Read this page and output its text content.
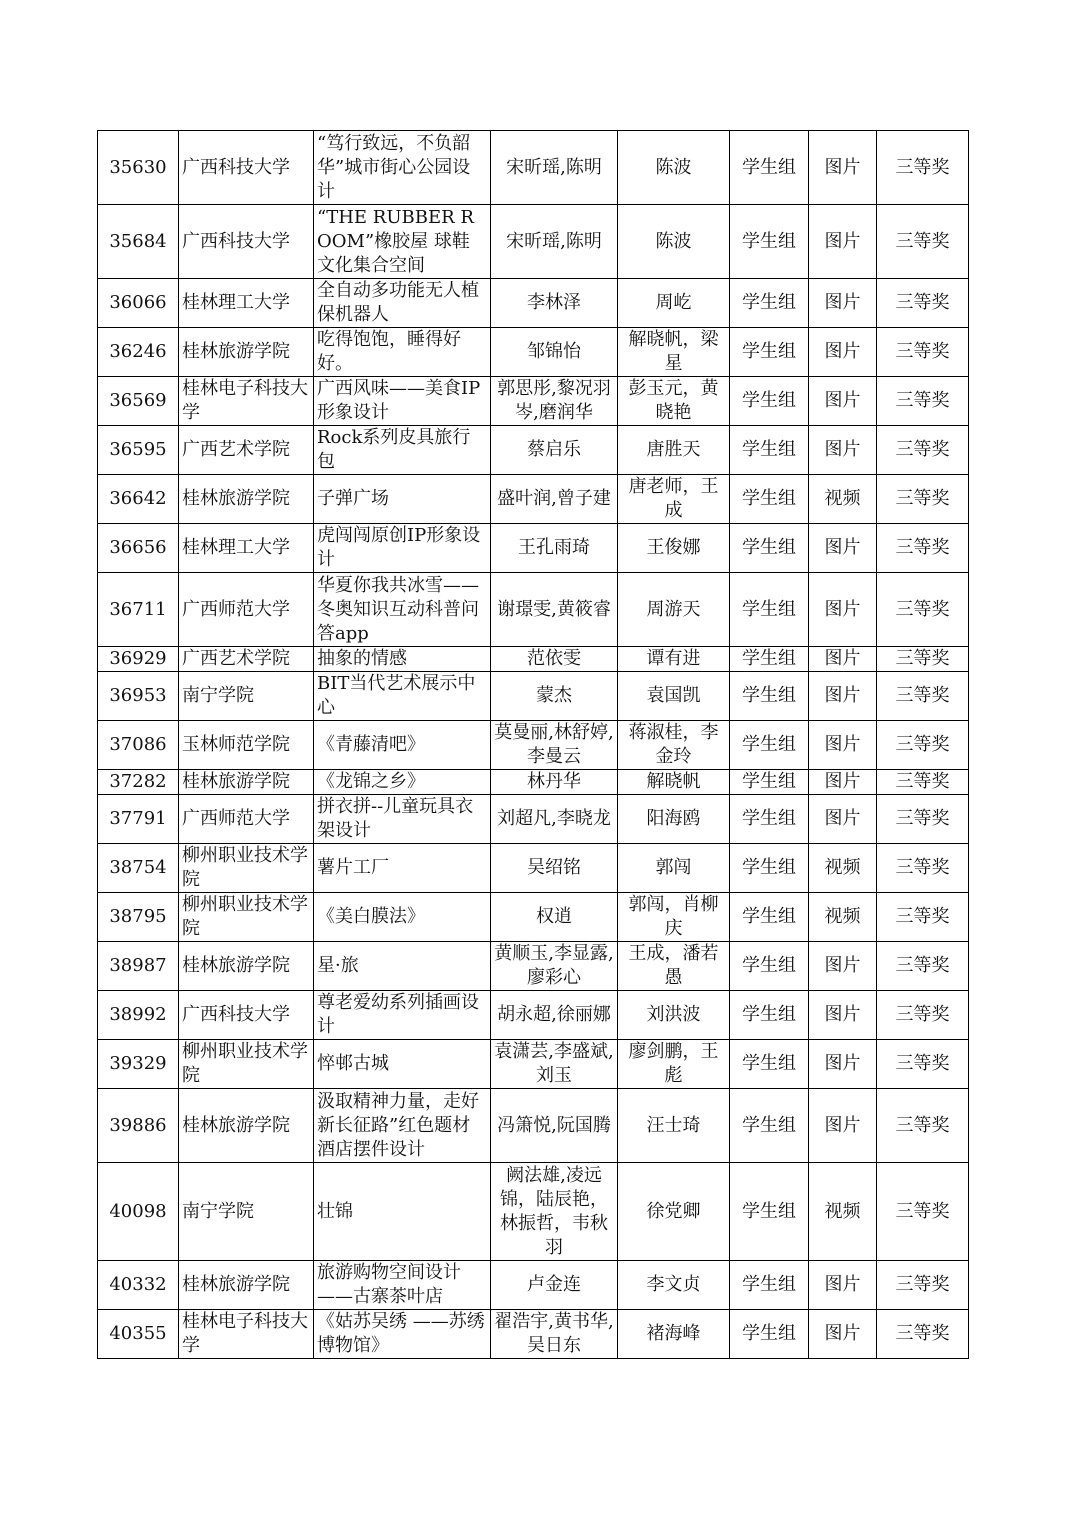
35630	广西科技大学	“笃行致远，不负韶华”城市街心公园设计	宋昕瑶,陈明	陈波	学生组	图片	三等奖
35684	广西科技大学	“THE RUBBER ROOM”橡胶屋 球鞋文化集合空间	宋昕瑶,陈明	陈波	学生组	图片	三等奖
36066	桂林理工大学	全自动多功能无人植保机器人	李林泽	周屹	学生组	图片	三等奖
36246	桂林旅游学院	吃得饱饱，睡得好好。	邹锦怡	解晓帆，梁星	学生组	图片	三等奖
36569	桂林电子科技大学	广西风味——美食IP形象设计	郭思彤,黎况羽岑,磨润华	彭玉元，黄晓艳	学生组	图片	三等奖
36595	广西艺术学院	Rock系列皮具旅行包	蔡启乐	唐胜天	学生组	图片	三等奖
36642	桂林旅游学院	子弹广场	盛叶润,曾子建	唐老师，王成	学生组	视频	三等奖
36656	桂林理工大学	虎闯闯原创IP形象设计	王孔雨琦	王俊娜	学生组	图片	三等奖
36711	广西师范大学	华夏你我共冰雪——冬奥知识互动科普问答app	谢璟雯,黄筱睿	周游天	学生组	图片	三等奖
36929	广西艺术学院	抽象的情感	范依雯	谭有进	学生组	图片	三等奖
36953	南宁学院	BIT当代艺术展示中心	蒙杰	袁国凯	学生组	图片	三等奖
37086	玉林师范学院	《青藤清吧》	莫曼丽,林舒婷,李曼云	蒋淑桂，李金玲	学生组	图片	三等奖
37282	桂林旅游学院	《龙锦之乡》	林丹华	解晓帆	学生组	图片	三等奖
37791	广西师范大学	拼衣拼--儿童玩具衣架设计	刘超凡,李晓龙	阳海鸥	学生组	图片	三等奖
38754	柳州职业技术学院	薯片工厂	吴绍铭	郭闯	学生组	视频	三等奖
38795	柳州职业技术学院	《美白膜法》	权逍	郭闯，肖柳庆	学生组	视频	三等奖
38987	桂林旅游学院	星·旅	黄顺玉,李显露,廖彩心	王成，潘若愚	学生组	图片	三等奖
38992	广西科技大学	尊老爱幼系列插画设计	胡永超,徐丽娜	刘洪波	学生组	图片	三等奖
39329	柳州职业技术学院	悴邨古城	袁潇芸,李盛斌,刘玉	廖剑鹏，王彪	学生组	图片	三等奖
39886	桂林旅游学院	汲取精神力量，走好新长征路”红色题材酒店摆件设计	冯箫悦,阮国腾	汪士琦	学生组	图片	三等奖
40098	南宁学院	壮锦	阙法雄,凌远锦，陆辰艳，林振哲，韦秋羽	徐党卿	学生组	视频	三等奖
40332	桂林旅游学院	旅游购物空间设计——古寨茶叶店	卢金连	李文贞	学生组	图片	三等奖
40355	桂林电子科技大学	《姑苏吴绣 ——苏绣博物馆》	翟浩宇,黄书华,吴日东	褚海峰	学生组	图片	三等奖
